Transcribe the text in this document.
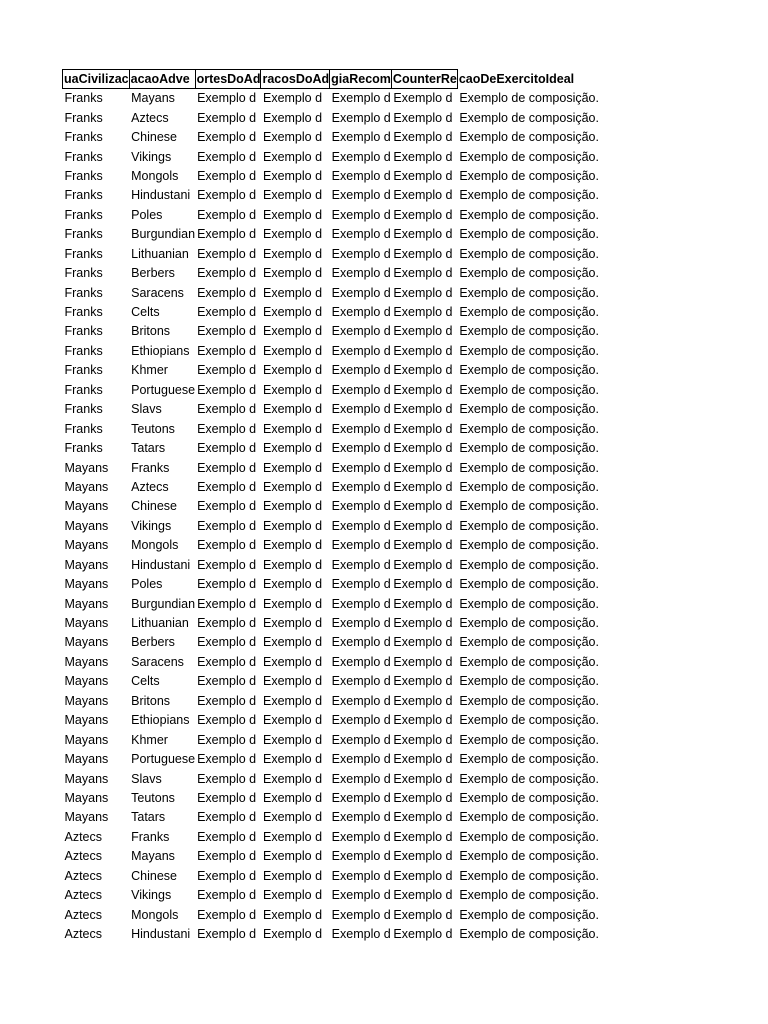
uaCivilizac	acaoAdve	ortesDoAd	racosDoAd	giaRecom	CounterRe	caoDeExercitoIdeal
Franks	Mayans	Exemplo d	Exemplo d	Exemplo d	Exemplo d	Exemplo de composição.
Franks	Aztecs	Exemplo d	Exemplo d	Exemplo d	Exemplo d	Exemplo de composição.
Franks	Chinese	Exemplo d	Exemplo d	Exemplo d	Exemplo d	Exemplo de composição.
Franks	Vikings	Exemplo d	Exemplo d	Exemplo d	Exemplo d	Exemplo de composição.
Franks	Mongols	Exemplo d	Exemplo d	Exemplo d	Exemplo d	Exemplo de composição.
Franks	Hindustani	Exemplo d	Exemplo d	Exemplo d	Exemplo d	Exemplo de composição.
Franks	Poles	Exemplo d	Exemplo d	Exemplo d	Exemplo d	Exemplo de composição.
Franks	Burgundian	Exemplo d	Exemplo d	Exemplo d	Exemplo d	Exemplo de composição.
Franks	Lithuanian	Exemplo d	Exemplo d	Exemplo d	Exemplo d	Exemplo de composição.
Franks	Berbers	Exemplo d	Exemplo d	Exemplo d	Exemplo d	Exemplo de composição.
Franks	Saracens	Exemplo d	Exemplo d	Exemplo d	Exemplo d	Exemplo de composição.
Franks	Celts	Exemplo d	Exemplo d	Exemplo d	Exemplo d	Exemplo de composição.
Franks	Britons	Exemplo d	Exemplo d	Exemplo d	Exemplo d	Exemplo de composição.
Franks	Ethiopians	Exemplo d	Exemplo d	Exemplo d	Exemplo d	Exemplo de composição.
Franks	Khmer	Exemplo d	Exemplo d	Exemplo d	Exemplo d	Exemplo de composição.
Franks	Portuguese	Exemplo d	Exemplo d	Exemplo d	Exemplo d	Exemplo de composição.
Franks	Slavs	Exemplo d	Exemplo d	Exemplo d	Exemplo d	Exemplo de composição.
Franks	Teutons	Exemplo d	Exemplo d	Exemplo d	Exemplo d	Exemplo de composição.
Franks	Tatars	Exemplo d	Exemplo d	Exemplo d	Exemplo d	Exemplo de composição.
Mayans	Franks	Exemplo d	Exemplo d	Exemplo d	Exemplo d	Exemplo de composição.
Mayans	Aztecs	Exemplo d	Exemplo d	Exemplo d	Exemplo d	Exemplo de composição.
Mayans	Chinese	Exemplo d	Exemplo d	Exemplo d	Exemplo d	Exemplo de composição.
Mayans	Vikings	Exemplo d	Exemplo d	Exemplo d	Exemplo d	Exemplo de composição.
Mayans	Mongols	Exemplo d	Exemplo d	Exemplo d	Exemplo d	Exemplo de composição.
Mayans	Hindustani	Exemplo d	Exemplo d	Exemplo d	Exemplo d	Exemplo de composição.
Mayans	Poles	Exemplo d	Exemplo d	Exemplo d	Exemplo d	Exemplo de composição.
Mayans	Burgundian	Exemplo d	Exemplo d	Exemplo d	Exemplo d	Exemplo de composição.
Mayans	Lithuanian	Exemplo d	Exemplo d	Exemplo d	Exemplo d	Exemplo de composição.
Mayans	Berbers	Exemplo d	Exemplo d	Exemplo d	Exemplo d	Exemplo de composição.
Mayans	Saracens	Exemplo d	Exemplo d	Exemplo d	Exemplo d	Exemplo de composição.
Mayans	Celts	Exemplo d	Exemplo d	Exemplo d	Exemplo d	Exemplo de composição.
Mayans	Britons	Exemplo d	Exemplo d	Exemplo d	Exemplo d	Exemplo de composição.
Mayans	Ethiopians	Exemplo d	Exemplo d	Exemplo d	Exemplo d	Exemplo de composição.
Mayans	Khmer	Exemplo d	Exemplo d	Exemplo d	Exemplo d	Exemplo de composição.
Mayans	Portuguese	Exemplo d	Exemplo d	Exemplo d	Exemplo d	Exemplo de composição.
Mayans	Slavs	Exemplo d	Exemplo d	Exemplo d	Exemplo d	Exemplo de composição.
Mayans	Teutons	Exemplo d	Exemplo d	Exemplo d	Exemplo d	Exemplo de composição.
Mayans	Tatars	Exemplo d	Exemplo d	Exemplo d	Exemplo d	Exemplo de composição.
Aztecs	Franks	Exemplo d	Exemplo d	Exemplo d	Exemplo d	Exemplo de composição.
Aztecs	Mayans	Exemplo d	Exemplo d	Exemplo d	Exemplo d	Exemplo de composição.
Aztecs	Chinese	Exemplo d	Exemplo d	Exemplo d	Exemplo d	Exemplo de composição.
Aztecs	Vikings	Exemplo d	Exemplo d	Exemplo d	Exemplo d	Exemplo de composição.
Aztecs	Mongols	Exemplo d	Exemplo d	Exemplo d	Exemplo d	Exemplo de composição.
Aztecs	Hindustani	Exemplo d	Exemplo d	Exemplo d	Exemplo d	Exemplo de composição.
